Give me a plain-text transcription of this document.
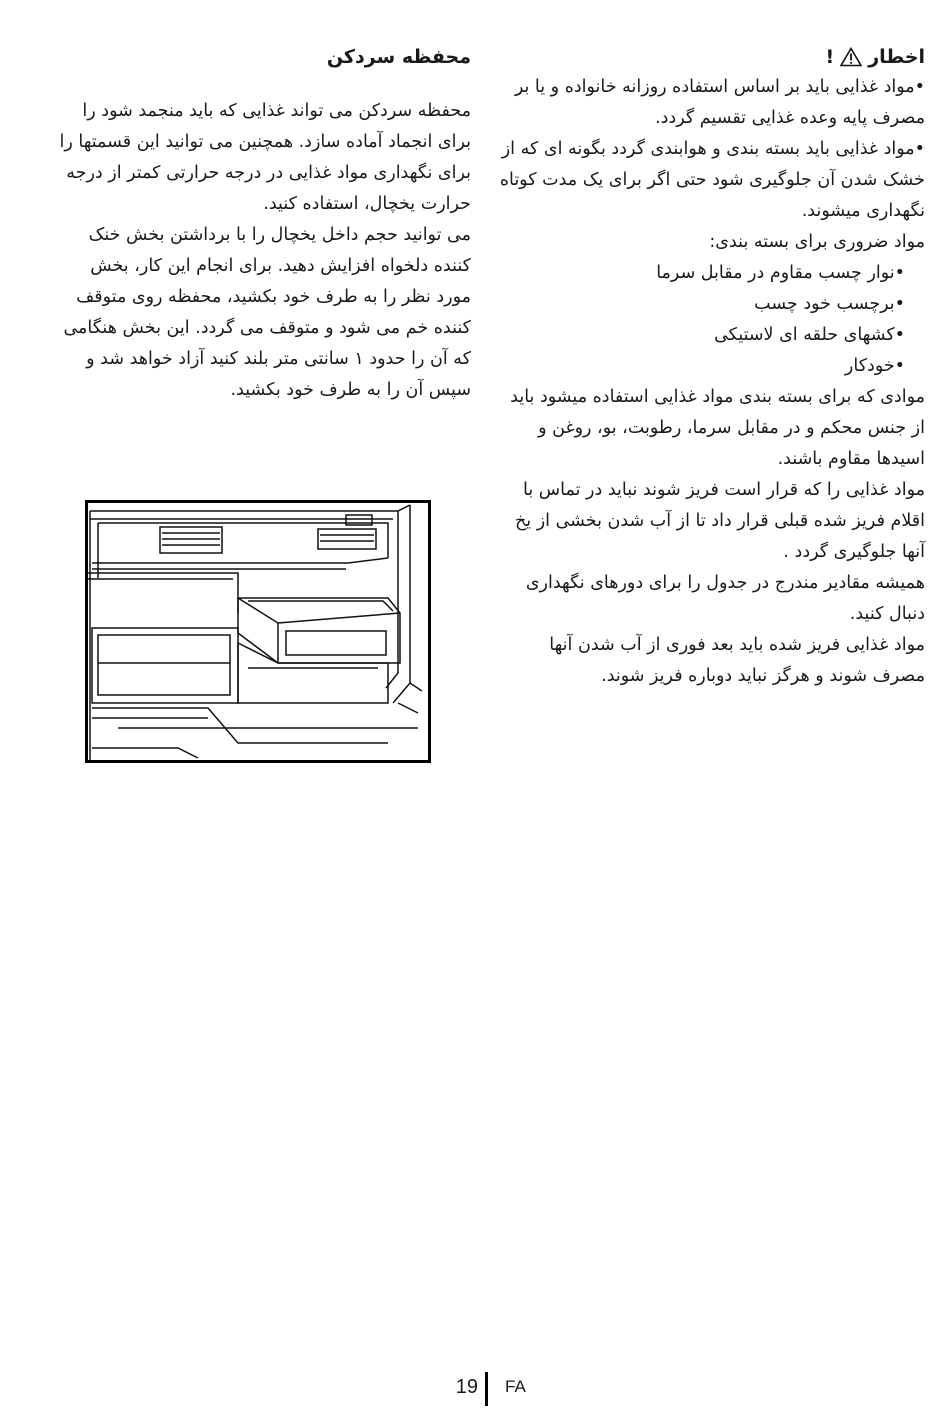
اخطار
!

•مواد غذایی باید بر اساس استفاده روزانه خانواده و یا بر مصرف پایه وعده غذایی تقسیم گردد.

•مواد غذایی باید بسته بندی و هوابندی گردد بگونه ای که از خشک شدن آن جلوگیری شود حتی اگر برای یک مدت کوتاه نگهداری میشوند.

مواد ضروری برای بسته بندی:

•نوار چسب مقاوم در مقابل سرما

•برچسب خود چسب

•کشهای حلقه ای لاستیکی

•خودکار

موادی که برای بسته بندی مواد غذایی استفاده میشود باید از جنس محکم و در مقابل سرما، رطوبت، بو، روغن و اسیدها مقاوم باشند.

مواد غذایی را که قرار است فریز شوند نباید در تماس با اقلام فریز شده قبلی قرار داد تا از آب شدن بخشی از یخ آنها جلوگیری گردد .

همیشه مقادیر مندرج در جدول را برای دورهای نگهداری دنبال کنید.

مواد غذایی فریز شده باید بعد فوری از آب شدن آنها مصرف شوند و هرگز نباید دوباره فریز شوند.

محفظه سردکن

محفظه سردکن می تواند غذایی که باید منجمد شود را برای انجماد آماده سازد. همچنین می توانید این قسمتها را برای نگهداری مواد غذایی در درجه حرارتی کمتر از درجه حرارت یخچال، استفاده کنید.

می توانید حجم داخل یخچال را با برداشتن بخش خنک کننده دلخواه افزایش دهید. برای انجام این کار، بخش مورد نظر را به طرف خود بکشید، محفظه روی متوقف کننده خم می شود و متوقف می گردد. این بخش هنگامی که آن را حدود ۱ سانتی متر بلند کنید آزاد خواهد شد و سپس آن را به طرف خود بکشید.

19 FA
